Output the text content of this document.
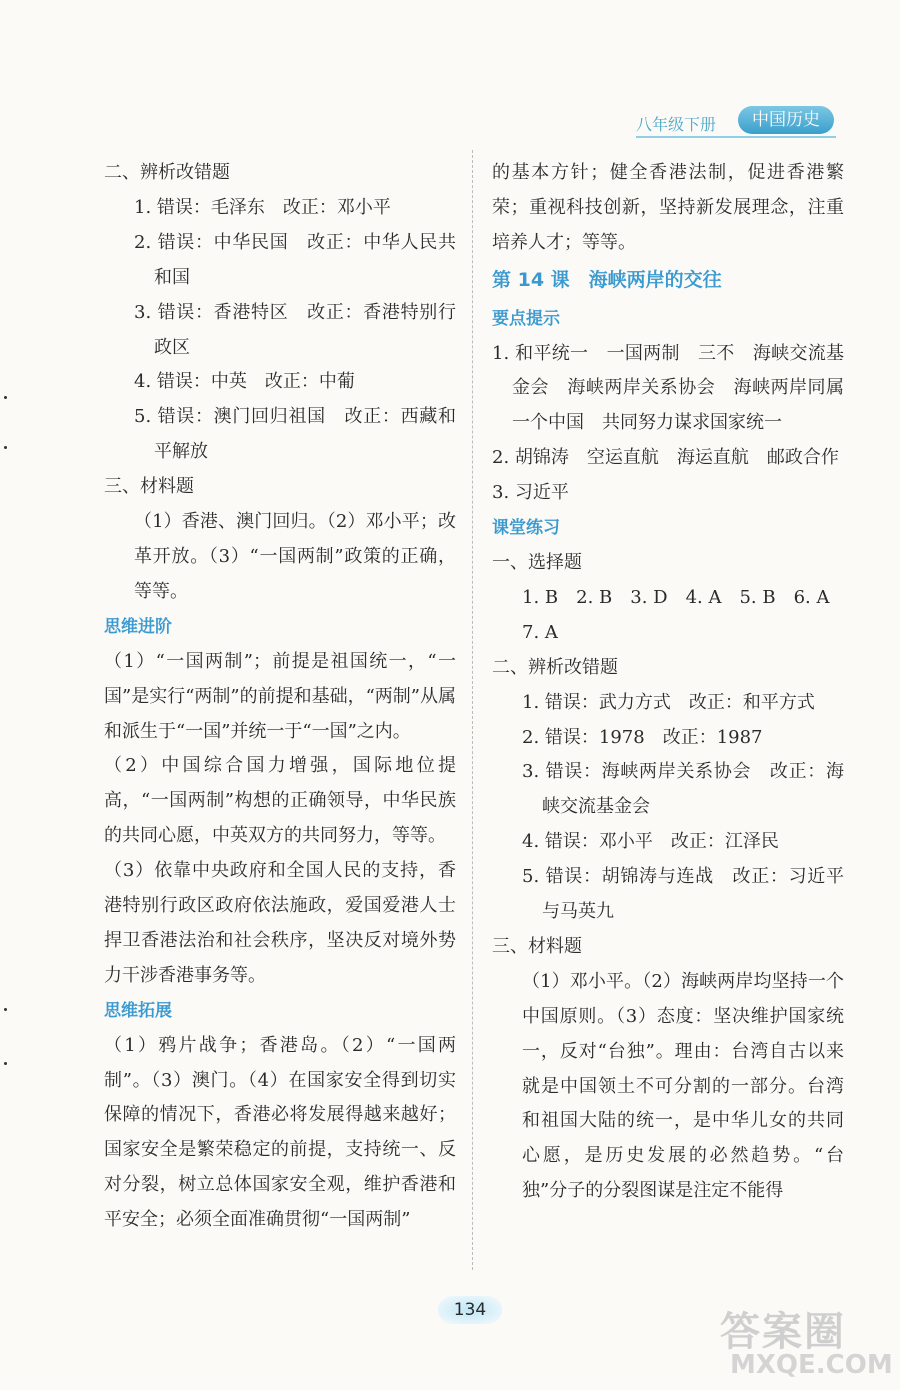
八年级下册	中国历史

二、辨析改错题

1. 错误：毛泽东　改正：邓小平

2. 错误：中华民国　改正：中华人民共和国

3. 错误：香港特区　改正：香港特别行政区

4. 错误：中英　改正：中葡

5. 错误：澳门回归祖国　改正：西藏和平解放

三、材料题

（1）香港、澳门回归。（2）邓小平；改革开放。（3）“一国两制”政策的正确，等等。

思维进阶

（1）“一国两制”；前提是祖国统一，“一国”是实行“两制”的前提和基础，“两制”从属和派生于“一国”并统一于“一国”之内。

（2）中国综合国力增强，国际地位提高，“一国两制”构想的正确领导，中华民族的共同心愿，中英双方的共同努力，等等。

（3）依靠中央政府和全国人民的支持，香港特别行政区政府依法施政，爱国爱港人士捍卫香港法治和社会秩序，坚决反对境外势力干涉香港事务等。

思维拓展

（1）鸦片战争；香港岛。（2）“一国两制”。（3）澳门。（4）在国家安全得到切实保障的情况下，香港必将发展得越来越好；国家安全是繁荣稳定的前提，支持统一、反对分裂，树立总体国家安全观，维护香港和平安全；必须全面准确贯彻“一国两制”

的基本方针；健全香港法制，促进香港繁荣；重视科技创新，坚持新发展理念，注重培养人才；等等。

第 14 课　海峡两岸的交往

要点提示

1. 和平统一　一国两制　三不　海峡交流基金会　海峡两岸关系协会　海峡两岸同属一个中国　共同努力谋求国家统一

2. 胡锦涛　空运直航　海运直航　邮政合作

3. 习近平

课堂练习

一、选择题

1. B　2. B　3. D　4. A　5. B　6. A

7. A

二、辨析改错题

1. 错误：武力方式　改正：和平方式

2. 错误：1978　改正：1987

3. 错误：海峡两岸关系协会　改正：海峡交流基金会

4. 错误：邓小平　改正：江泽民

5. 错误：胡锦涛与连战　改正：习近平与马英九

三、材料题

（1）邓小平。（2）海峡两岸均坚持一个中国原则。（3）态度：坚决维护国家统一，反对“台独”。理由：台湾自古以来就是中国领土不可分割的一部分。台湾和祖国大陆的统一，是中华儿女的共同心愿，是历史发展的必然趋势。“台独”分子的分裂图谋是注定不能得

134	答案圈
MXQE.COM
